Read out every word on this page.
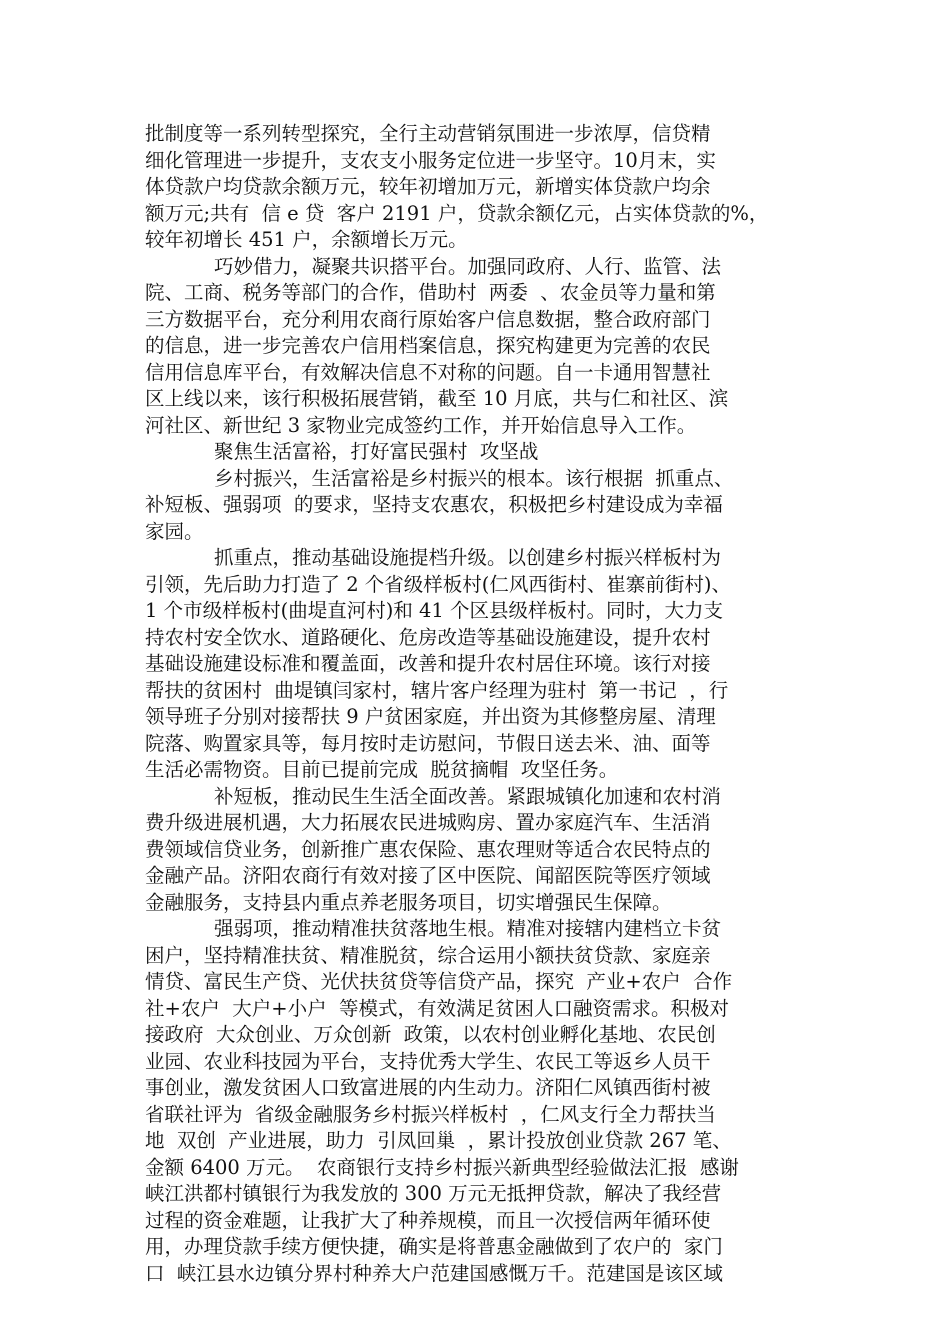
批制度等一系列转型探究，全行主动营销氛围进一步浓厚，信贷精
细化管理进一步提升，支农支小服务定位进一步坚守。10月末，实
体贷款户均贷款余额万元，较年初增加万元，新增实体贷款户均余
额万元;共有  信 e 贷  客户 2191 户，贷款余额亿元，占实体贷款的%，
较年初增长 451 户，余额增长万元。
巧妙借力，凝聚共识搭平台。加强同政府、人行、监管、法
院、工商、税务等部门的合作，借助村  两委  、农金员等力量和第
三方数据平台，充分利用农商行原始客户信息数据，整合政府部门
的信息，进一步完善农户信用档案信息，探究构建更为完善的农民
信用信息库平台，有效解决信息不对称的问题。自一卡通用智慧社
区上线以来，该行积极拓展营销，截至 10 月底，共与仁和社区、滨
河社区、新世纪 3 家物业完成签约工作，并开始信息导入工作。
聚焦生活富裕，打好富民强村  攻坚战
乡村振兴，生活富裕是乡村振兴的根本。该行根据  抓重点、
补短板、强弱项  的要求，坚持支农惠农，积极把乡村建设成为幸福
家园。
抓重点，推动基础设施提档升级。以创建乡村振兴样板村为
引领，先后助力打造了 2 个省级样板村(仁风西街村、崔寨前街村)、
1 个市级样板村(曲堤直河村)和 41 个区县级样板村。同时，大力支
持农村安全饮水、道路硬化、危房改造等基础设施建设，提升农村
基础设施建设标准和覆盖面，改善和提升农村居住环境。该行对接
帮扶的贫困村  曲堤镇闫家村，辖片客户经理为驻村  第一书记  ，行
领导班子分别对接帮扶 9 户贫困家庭，并出资为其修整房屋、清理
院落、购置家具等，每月按时走访慰问，节假日送去米、油、面等
生活必需物资。目前已提前完成  脱贫摘帽  攻坚任务。
补短板，推动民生生活全面改善。紧跟城镇化加速和农村消
费升级进展机遇，大力拓展农民进城购房、置办家庭汽车、生活消
费领域信贷业务，创新推广惠农保险、惠农理财等适合农民特点的
金融产品。济阳农商行有效对接了区中医院、闻韶医院等医疗领域
金融服务，支持县内重点养老服务项目，切实增强民生保障。
强弱项，推动精准扶贫落地生根。精准对接辖内建档立卡贫
困户，坚持精准扶贫、精准脱贫，综合运用小额扶贫贷款、家庭亲
情贷、富民生产贷、光伏扶贫贷等信贷产品，探究  产业+农户  合作
社+农户  大户+小户  等模式，有效满足贫困人口融资需求。积极对
接政府  大众创业、万众创新  政策，以农村创业孵化基地、农民创
业园、农业科技园为平台，支持优秀大学生、农民工等返乡人员干
事创业，激发贫困人口致富进展的内生动力。济阳仁风镇西街村被
省联社评为  省级金融服务乡村振兴样板村  ，仁风支行全力帮扶当
地  双创  产业进展，助力  引凤回巢  ，累计投放创业贷款 267 笔、
金额 6400 万元。  农商银行支持乡村振兴新典型经验做法汇报  感谢
峡江洪都村镇银行为我发放的 300 万元无抵押贷款，解决了我经营
过程的资金难题，让我扩大了种养规模，而且一次授信两年循环使
用，办理贷款手续方便快捷，确实是将普惠金融做到了农户的  家门
口  峡江县水边镇分界村种养大户范建国感慨万千。范建国是该区域
